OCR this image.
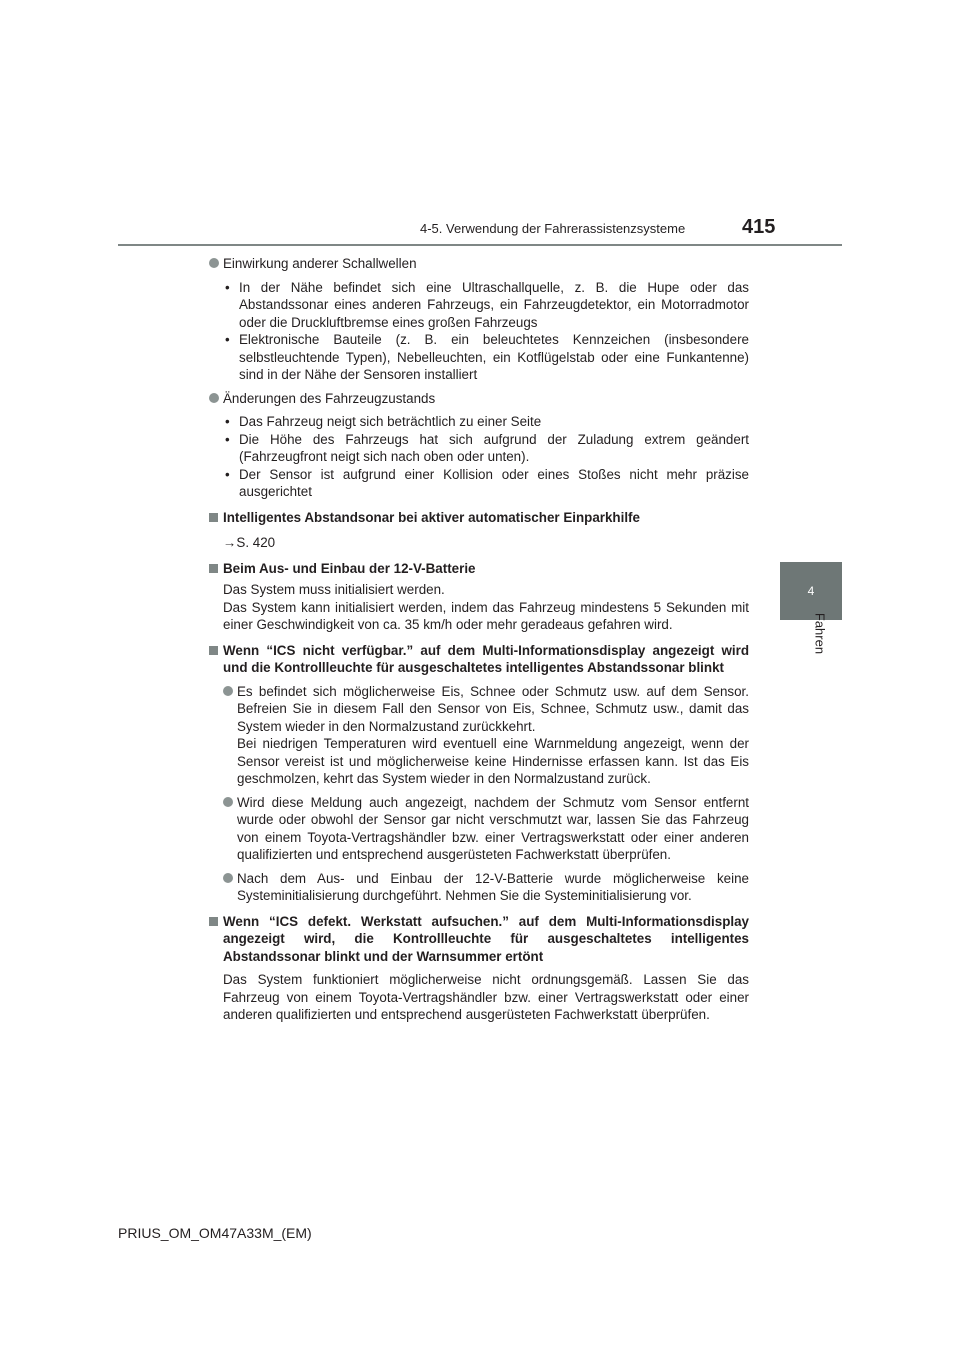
4-5. Verwendung der Fahrerassistenzsysteme	415
4
Fahren
Einwirkung anderer Schallwellen
• In der Nähe befindet sich eine Ultraschallquelle, z. B. die Hupe oder das Abstandssonar eines anderen Fahrzeugs, ein Fahrzeugdetektor, ein Motorradmotor oder die Druckluftbremse eines großen Fahrzeugs
• Elektronische Bauteile (z. B. ein beleuchtetes Kennzeichen (insbesondere selbstleuchtende Typen), Nebelleuchten, ein Kotflügelstab oder eine Funkantenne) sind in der Nähe der Sensoren installiert
Änderungen des Fahrzeugzustands
• Das Fahrzeug neigt sich beträchtlich zu einer Seite
• Die Höhe des Fahrzeugs hat sich aufgrund der Zuladung extrem geändert (Fahrzeugfront neigt sich nach oben oder unten).
• Der Sensor ist aufgrund einer Kollision oder eines Stoßes nicht mehr präzise ausgerichtet
Intelligentes Abstandsonar bei aktiver automatischer Einparkhilfe
→S. 420
Beim Aus- und Einbau der 12-V-Batterie
Das System muss initialisiert werden.
Das System kann initialisiert werden, indem das Fahrzeug mindestens 5 Sekunden mit einer Geschwindigkeit von ca. 35 km/h oder mehr geradeaus gefahren wird.
Wenn “ICS nicht verfügbar.” auf dem Multi-Informationsdisplay angezeigt wird und die Kontrollleuchte für ausgeschaltetes intelligentes Abstandssonar blinkt
Es befindet sich möglicherweise Eis, Schnee oder Schmutz usw. auf dem Sensor. Befreien Sie in diesem Fall den Sensor von Eis, Schnee, Schmutz usw., damit das System wieder in den Normalzustand zurückkehrt.
Bei niedrigen Temperaturen wird eventuell eine Warnmeldung angezeigt, wenn der Sensor vereist ist und möglicherweise keine Hindernisse erfassen kann. Ist das Eis geschmolzen, kehrt das System wieder in den Normalzustand zurück.
Wird diese Meldung auch angezeigt, nachdem der Schmutz vom Sensor entfernt wurde oder obwohl der Sensor gar nicht verschmutzt war, lassen Sie das Fahrzeug von einem Toyota-Vertragshändler bzw. einer Vertragswerkstatt oder einer anderen qualifizierten und entsprechend ausgerüsteten Fachwerkstatt überprüfen.
Nach dem Aus- und Einbau der 12-V-Batterie wurde möglicherweise keine Systeminitialisierung durchgeführt. Nehmen Sie die Systeminitialisierung vor.
Wenn “ICS defekt. Werkstatt aufsuchen.” auf dem Multi-Informationsdisplay angezeigt wird, die Kontrollleuchte für ausgeschaltetes intelligentes Abstandssonar blinkt und der Warnsummer ertönt
Das System funktioniert möglicherweise nicht ordnungsgemäß. Lassen Sie das Fahrzeug von einem Toyota-Vertragshändler bzw. einer Vertragswerkstatt oder einer anderen qualifizierten und entsprechend ausgerüsteten Fachwerkstatt überprüfen.
PRIUS_OM_OM47A33M_(EM)
